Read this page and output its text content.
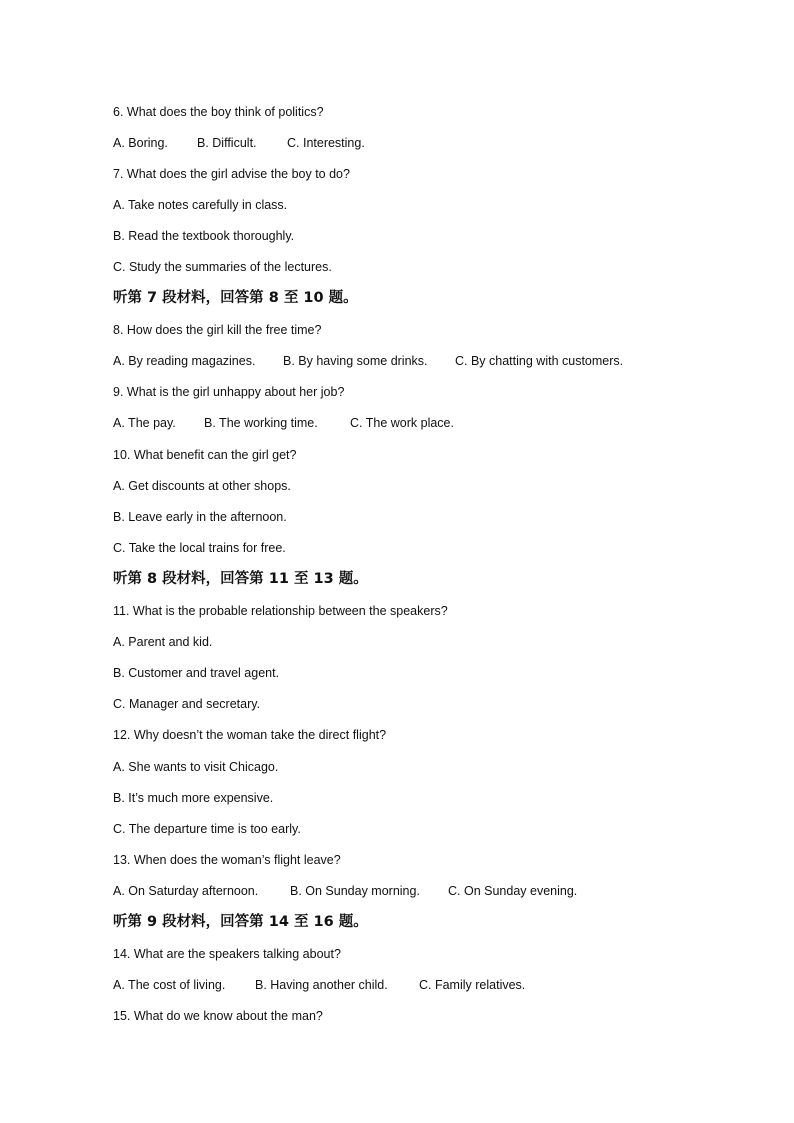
6. What does the boy think of politics?
A. Boring. B. Difficult. C. Interesting.
7. What does the girl advise the boy to do?
A. Take notes carefully in class.
B. Read the textbook thoroughly.
C. Study the summaries of the lectures.
听第 7 段材料，回答第 8 至 10 题。
8. How does the girl kill the free time?
A. By reading magazines. B. By having some drinks. C. By chatting with customers.
9. What is the girl unhappy about her job?
A. The pay. B. The working time.	C. The work place.
10. What benefit can the girl get?
A. Get discounts at other shops.
B. Leave early in the afternoon.
C. Take the local trains for free.
听第 8 段材料，回答第 11 至 13 题。
11. What is the probable relationship between the speakers?
A. Parent and kid.
B. Customer and travel agent.
C. Manager and secretary.
12. Why doesn’t the woman take the direct flight?
A. She wants to visit Chicago.
B. It’s much more expensive.
C. The departure time is too early.
13. When does the woman’s flight leave?
A. On Saturday afternoon.	B. On Sunday morning. C. On Sunday evening.
听第 9 段材料，回答第 14 至 16 题。
14. What are the speakers talking about?
A. The cost of living. B. Having another child.	C. Family relatives.
15. What do we know about the man?
